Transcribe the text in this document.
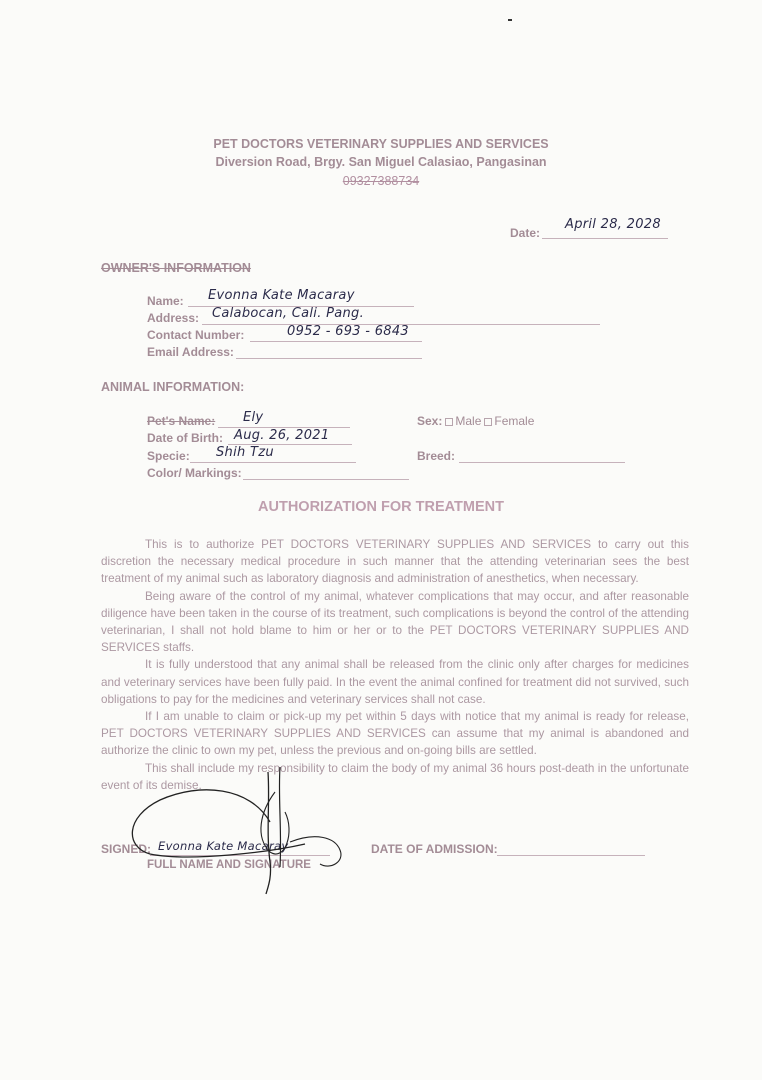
PET DOCTORS VETERINARY SUPPLIES AND SERVICES
Diversion Road, Brgy. San Miguel Calasiao, Pangasinan
09327388734
Date:
April 28, 2028
OWNER'S INFORMATION
Name: Evonna Kate Macaray
Address: Calabocan, Cali. Pang.
Contact Number:	0952 - 693 - 6843
Email Address:
ANIMAL INFORMATION:
Pet's Name: Ely
Date of Birth: Aug. 26, 2021
Specie: Shih Tzu
Color/ Markings:
Sex: Male Female
Breed:
AUTHORIZATION FOR TREATMENT

This is to authorize PET DOCTORS VETERINARY SUPPLIES AND SERVICES to carry out this discretion the necessary medical procedure in such manner that the attending veterinarian sees the best treatment of my animal such as laboratory diagnosis and administration of anesthetics, when necessary.

Being aware of the control of my animal, whatever complications that may occur, and after reasonable diligence have been taken in the course of its treatment, such complications is beyond the control of the attending veterinarian, I shall not hold blame to him or her or to the PET DOCTORS VETERINARY SUPPLIES AND SERVICES staffs.

It is fully understood that any animal shall be released from the clinic only after charges for medicines and veterinary services have been fully paid. In the event the animal confined for treatment did not survived, such obligations to pay for the medicines and veterinary services shall not case.

If I am unable to claim or pick-up my pet within 5 days with notice that my animal is ready for release, PET DOCTORS VETERINARY SUPPLIES AND SERVICES can assume that my animal is abandoned and authorize the clinic to own my pet, unless the previous and on-going bills are settled.

This shall include my responsibility to claim the body of my animal 36 hours post-death in the unfortunate event of its demise.

SIGNED: Evonna Kate Macaray
FULL NAME AND SIGNATURE
DATE OF ADMISSION:
